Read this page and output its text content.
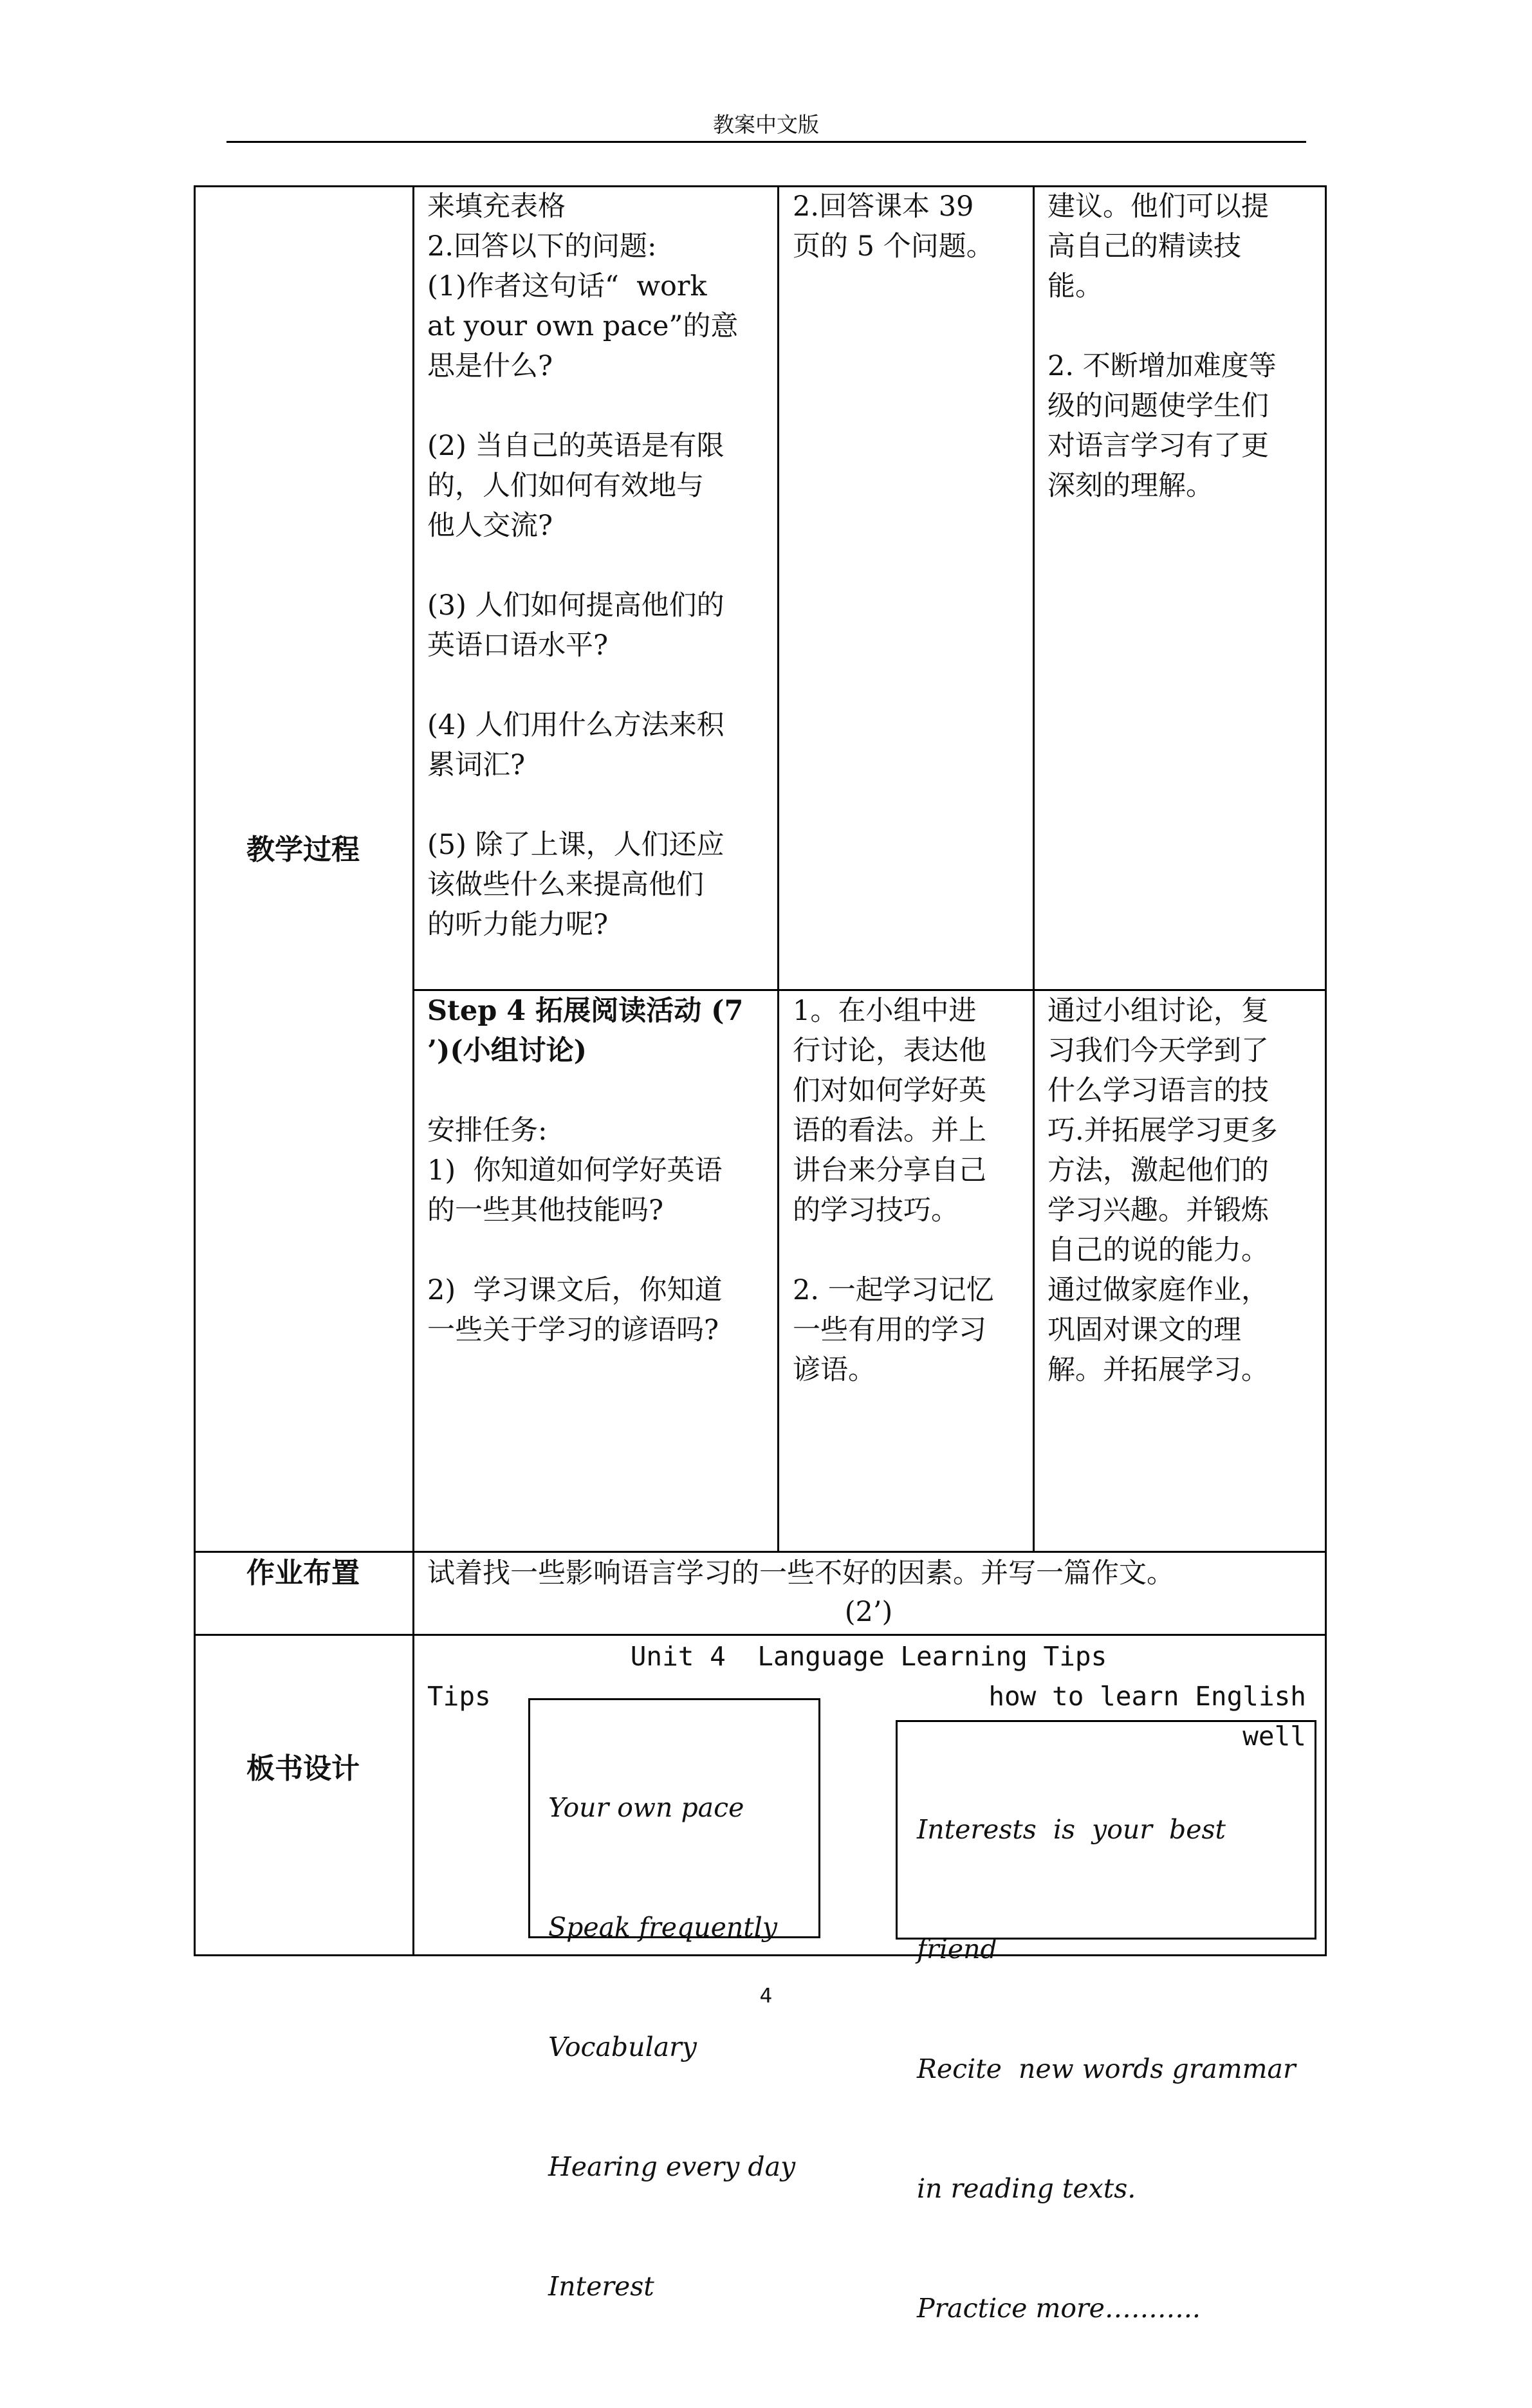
教案中文版
教学过程
来填充表格
2.回答以下的问题:
(1)作者这句话“  work
at your own pace”的意
思是什么?

(2) 当自己的英语是有限
的，人们如何有效地与
他人交流?

(3) 人们如何提高他们的
英语口语水平?

(4) 人们用什么方法来积
累词汇?

(5) 除了上课，人们还应
该做些什么来提高他们
的听力能力呢?
2.回答课本 39
页的 5 个问题。
建议。他们可以提
高自己的精读技
能。

2. 不断增加难度等
级的问题使学生们
对语言学习有了更
深刻的理解。
Step 4 拓展阅读活动 (7
’)(小组讨论)
安排任务:
1)  你知道如何学好英语
的一些其他技能吗?

2)  学习课文后，你知道
一些关于学习的谚语吗?
1。在小组中进
行讨论，表达他
们对如何学好英
语的看法。并上
讲台来分享自己
的学习技巧。

2. 一起学习记忆
一些有用的学习
谚语。
通过小组讨论，复
习我们今天学到了
什么学习语言的技
巧.并拓展学习更多
方法，激起他们的
学习兴趣。并锻炼
自己的说的能力。
通过做家庭作业，
巩固对课文的理
解。并拓展学习。
作业布置	试着找一些影响语言学习的一些不好的因素。并写一篇作文。
(2’)
板书设计
Unit 4  Language Learning Tips
Tips	how to learn English well

Your own pace

Speak frequently

Vocabulary

Hearing every day

Interest

Interests  is  your  best

friend

Recite  new words grammar

in reading texts.

Practice more………..

4
